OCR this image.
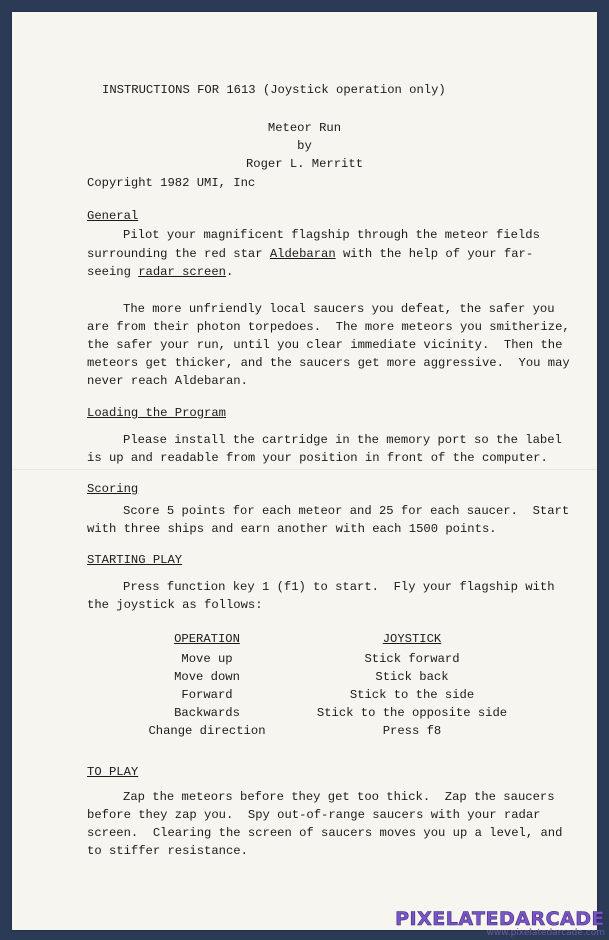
INSTRUCTIONS FOR 1613 (Joystick operation only)
Meteor Run
by
Roger L. Merritt
Copyright 1982 UMI, Inc
General
Pilot your magnificent flagship through the meteor fields
surrounding the red star Aldebaran with the help of your far-
seeing radar screen.
The more unfriendly local saucers you defeat, the safer you
are from their photon torpedoes.  The more meteors you smitherize,
the safer your run, until you clear immediate vicinity.  Then the
meteors get thicker, and the saucers get more aggressive.  You may
never reach Aldebaran.
Loading the Program
Please install the cartridge in the memory port so the label
is up and readable from your position in front of the computer.
Scoring
Score 5 points for each meteor and 25 for each saucer.  Start
with three ships and earn another with each 1500 points.
STARTING PLAY
Press function key 1 (f1) to start.  Fly your flagship with
the joystick as follows:
OPERATION	JOYSTICK
Move up	Stick forward
Move down	Stick back
Forward	Stick to the side
Backwards	Stick to the opposite side
Change direction	Press f8
TO PLAY
Zap the meteors before they get too thick.  Zap the saucers
before they zap you.  Spy out-of-range saucers with your radar
screen.  Clearing the screen of saucers moves you up a level, and
to stiffer resistance.
PIXELATEDARCADE
www.pixelatedarcade.com
